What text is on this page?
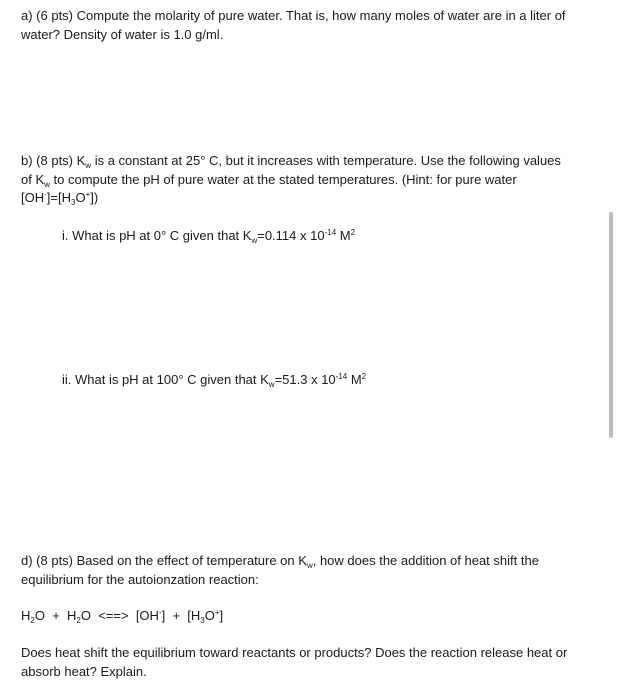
a) (6 pts) Compute the molarity of pure water. That is, how many moles of water are in a liter of
water? Density of water is 1.0 g/ml.
b) (8 pts) $K_w$ is a constant at 25° C, but it increases with temperature. Use the following values
of $K_w$ to compute the pH of pure water at the stated temperatures. (Hint: for pure water
$[OH^-]=[H_3O^+]$)
i. What is pH at 0° C given that $K_w=0.114$ x $10^{-14}$ $M^2$
ii. What is pH at 100° C given that $K_w=51.3$ x $10^{-14}$ $M^2$
d) (8 pts) Based on the effect of temperature on $K_w$, how does the addition of heat shift the
equilibrium for the autoionzation reaction:
$H_2O + H_2O$  <==>  $[OH^-] + [H_3O^+]$
Does heat shift the equilibrium toward reactants or products? Does the reaction release heat or
absorb heat? Explain.
